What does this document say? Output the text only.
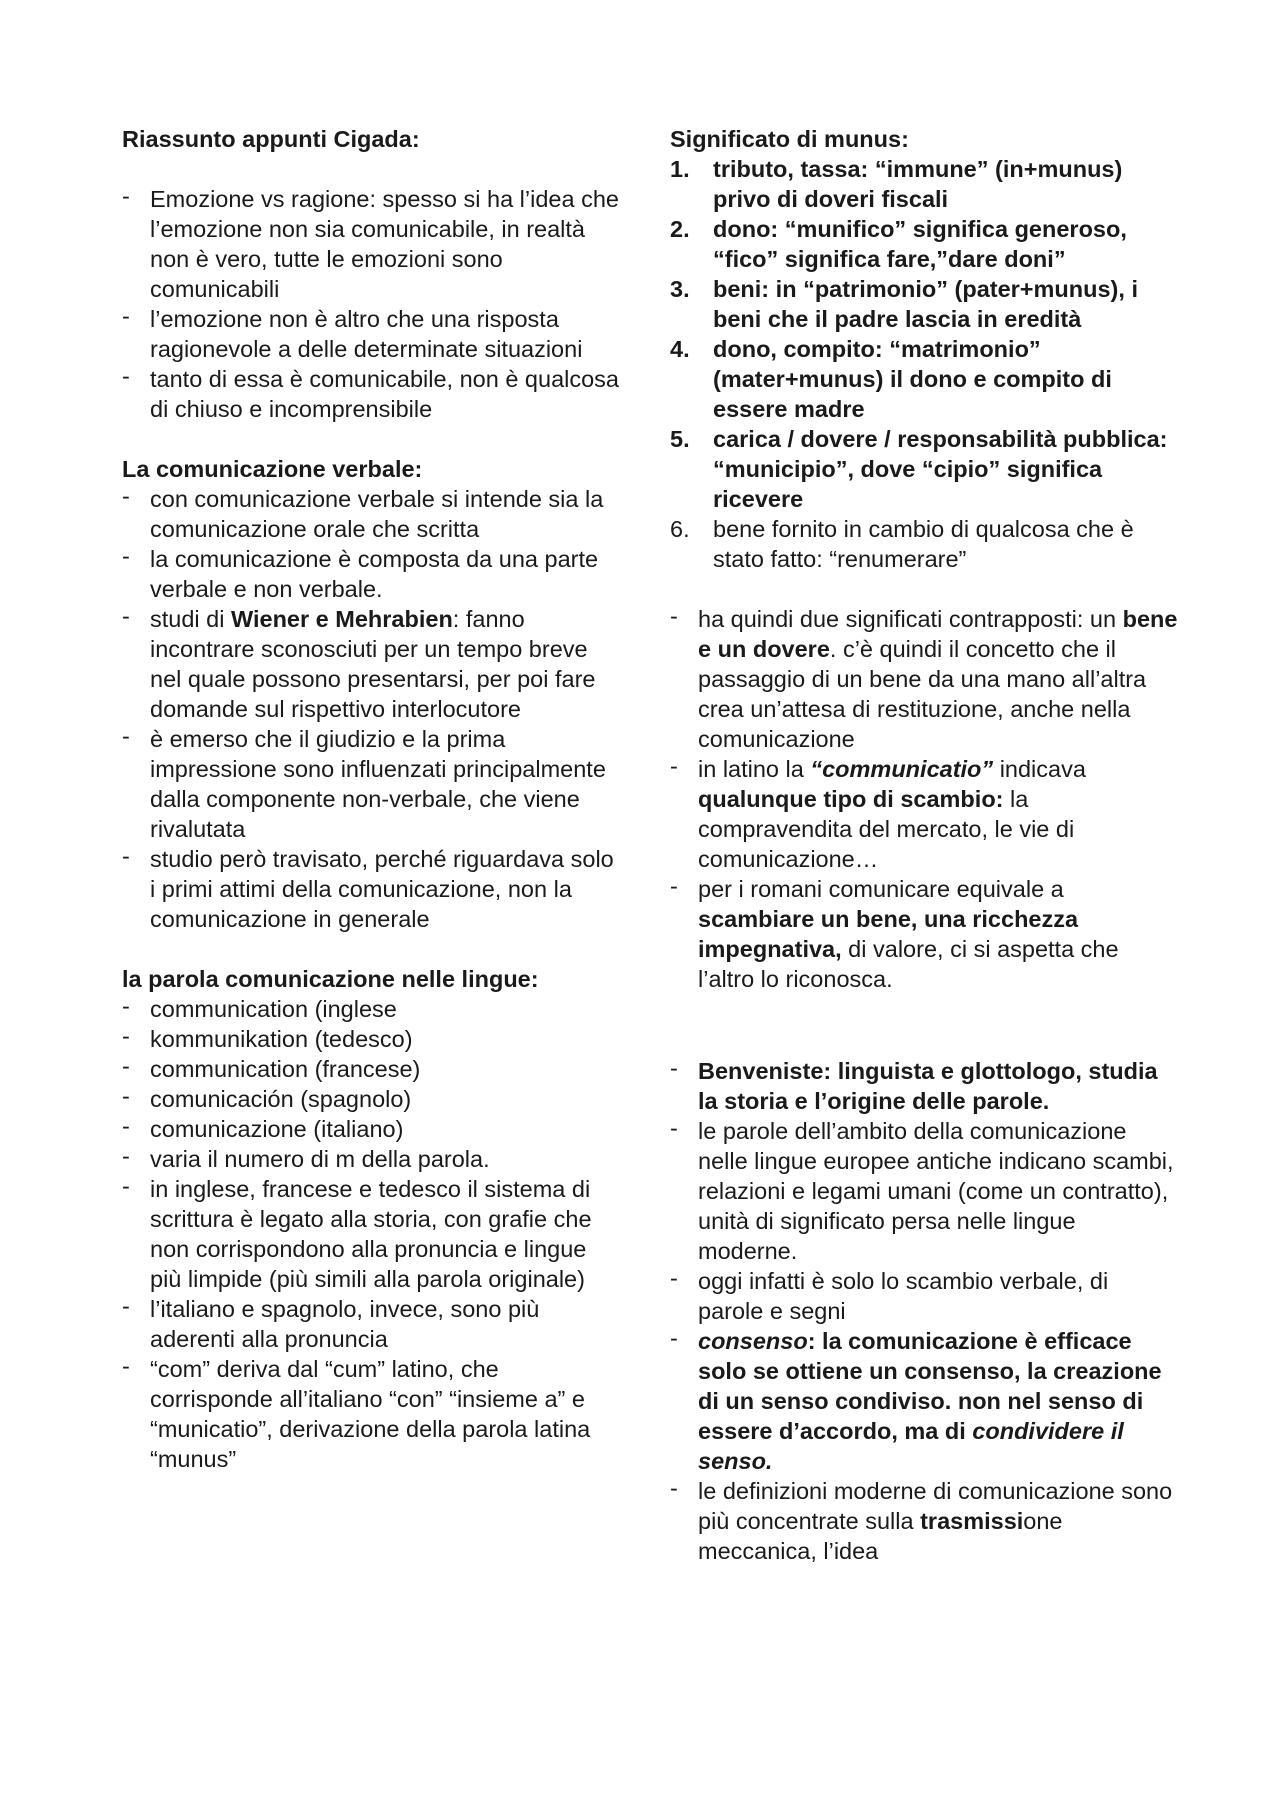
Riassunto appunti Cigada:
- Emozione vs ragione: spesso si ha l’idea che l’emozione non sia comunicabile, in realtà non è vero, tutte le emozioni sono comunicabili
- l’emozione non è altro che una risposta ragionevole a delle determinate situazioni
- tanto di essa è comunicabile, non è qualcosa di chiuso e incomprensibile
La comunicazione verbale:
- con comunicazione verbale si intende sia la comunicazione orale che scritta
- la comunicazione è composta da una parte verbale e non verbale.
- studi di Wiener e Mehrabien: fanno incontrare sconosciuti per un tempo breve nel quale possono presentarsi, per poi fare domande sul rispettivo interlocutore
- è emerso che il giudizio e la prima impressione sono influenzati principalmente dalla componente non-verbale, che viene rivalutata
- studio però travisato, perché riguardava solo i primi attimi della comunicazione, non la comunicazione in generale
la parola comunicazione nelle lingue:
- communication (inglese
- kommunikation (tedesco)
- communication (francese)
- comunicación (spagnolo)
- comunicazione (italiano)
- varia il numero di m della parola.
- in inglese, francese e tedesco il sistema di scrittura è legato alla storia, con grafie che non corrispondono alla pronuncia e lingue più limpide (più simili alla parola originale)
- l’italiano e spagnolo, invece, sono più aderenti alla pronuncia
- “com” deriva dal “cum” latino, che corrisponde all’italiano “con” “insieme a” e “municatio”, derivazione della parola latina “munus”
Significato di munus:
1. tributo, tassa: “immune” (in+munus) privo di doveri fiscali
2. dono: “munifico” significa generoso, “fico” significa fare,”dare doni”
3. beni: in “patrimonio” (pater+munus), i beni che il padre lascia in eredità
4. dono, compito: “matrimonio” (mater+munus) il dono e compito di essere madre
5. carica / dovere / responsabilità pubblica: “municipio”, dove “cipio” significa ricevere
6. bene fornito in cambio di qualcosa che è stato fatto: “renumerare”
- ha quindi due significati contrapposti: un bene e un dovere. c’è quindi il concetto che il passaggio di un bene da una mano all’altra crea un’attesa di restituzione, anche nella comunicazione
- in latino la “communicatio” indicava qualunque tipo di scambio: la compravendita del mercato, le vie di comunicazione…
- per i romani comunicare equivale a scambiare un bene, una ricchezza impegnativa, di valore, ci si aspetta che l’altro lo riconosca.
- Benveniste: linguista e glottologo, studia la storia e l’origine delle parole.
- le parole dell’ambito della comunicazione nelle lingue europee antiche indicano scambi, relazioni e legami umani (come un contratto), unità di significato persa nelle lingue moderne.
- oggi infatti è solo lo scambio verbale, di parole e segni
- consenso: la comunicazione è efficace solo se ottiene un consenso, la creazione di un senso condiviso. non nel senso di essere d’accordo, ma di condividere il senso.
- le definizioni moderne di comunicazione sono più concentrate sulla trasmissione meccanica, l’idea
